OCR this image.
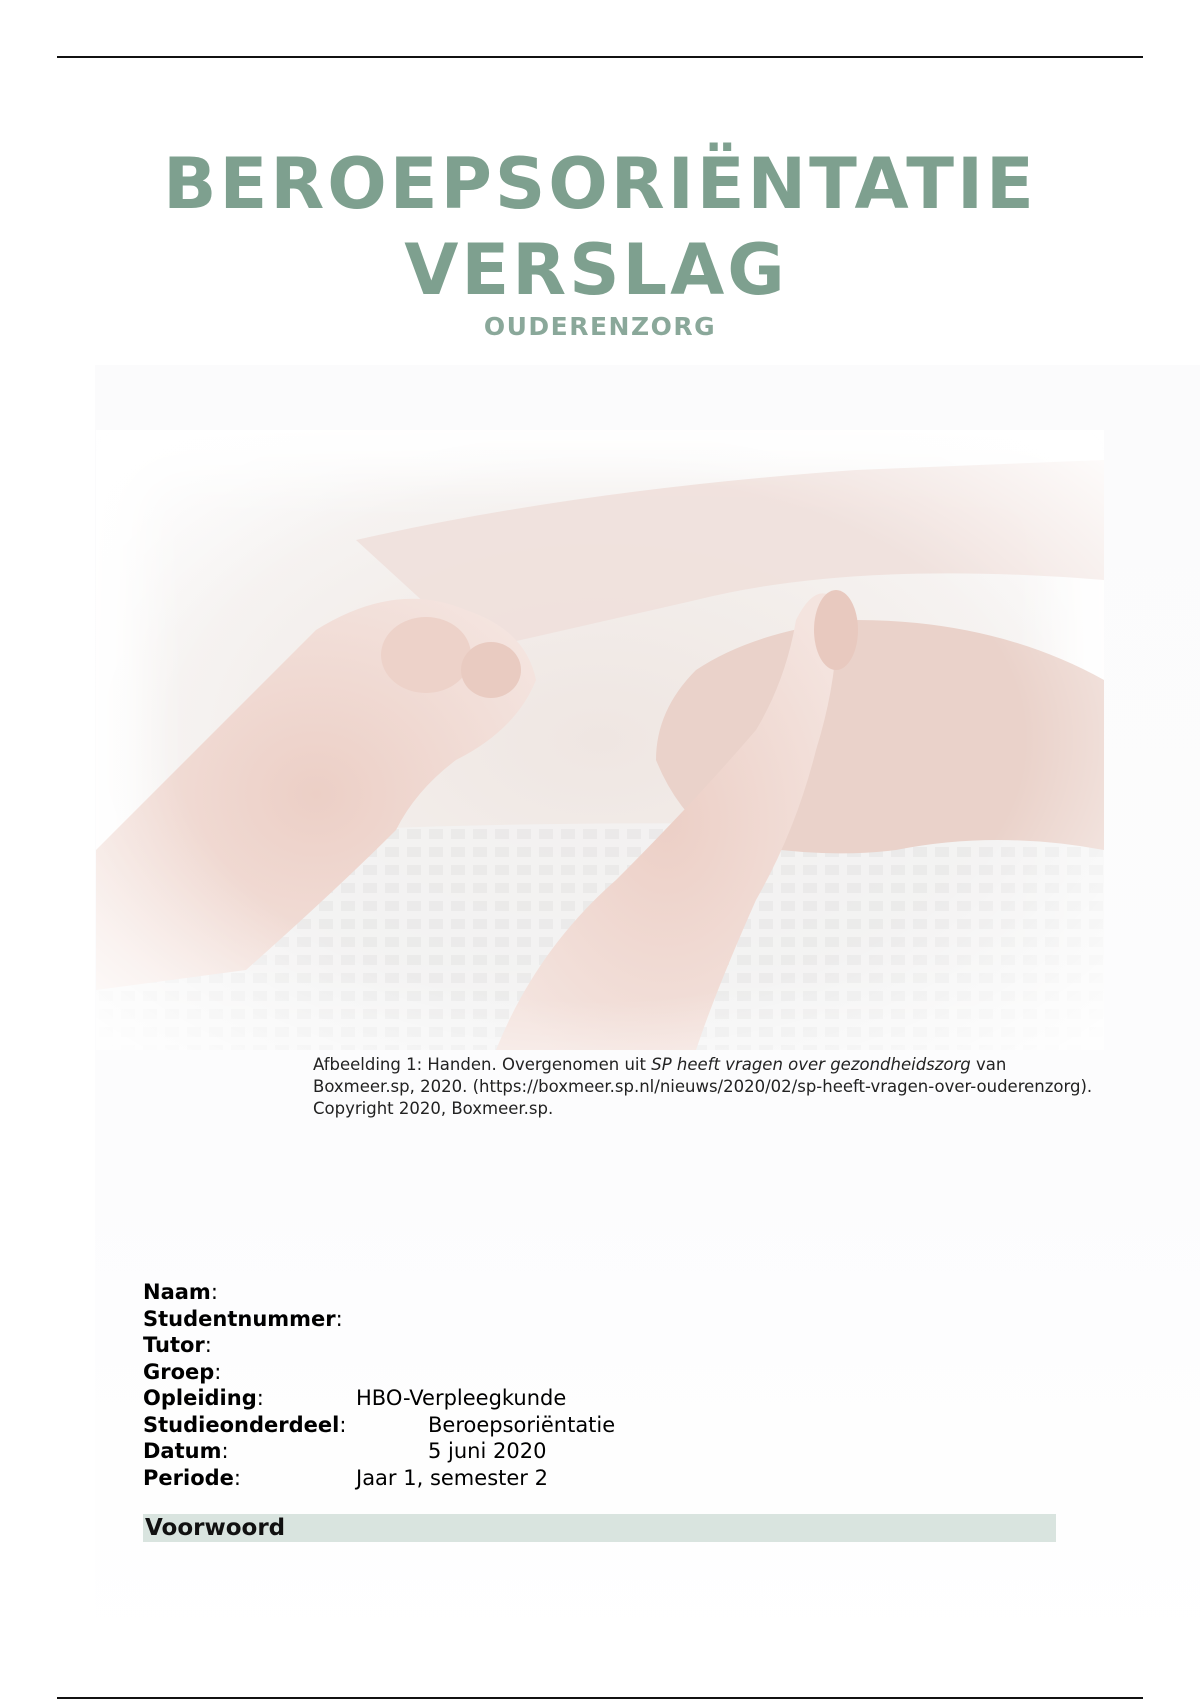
BEROEPSORIËNTATIE
VERSLAG
OUDERENZORG
Afbeelding 1: Handen. Overgenomen uit SP heeft vragen over gezondheidszorg van Boxmeer.sp, 2020. (https://boxmeer.sp.nl/nieuws/2020/02/sp-heeft-vragen-over-ouderenzorg). Copyright 2020, Boxmeer.sp.
Naam:
Studentnummer:
Tutor:
Groep:
Opleiding:	HBO-Verpleegkunde
Studieonderdeel:	Beroepsoriëntatie
Datum:	5 juni 2020
Periode:	Jaar 1, semester 2
Voorwoord
